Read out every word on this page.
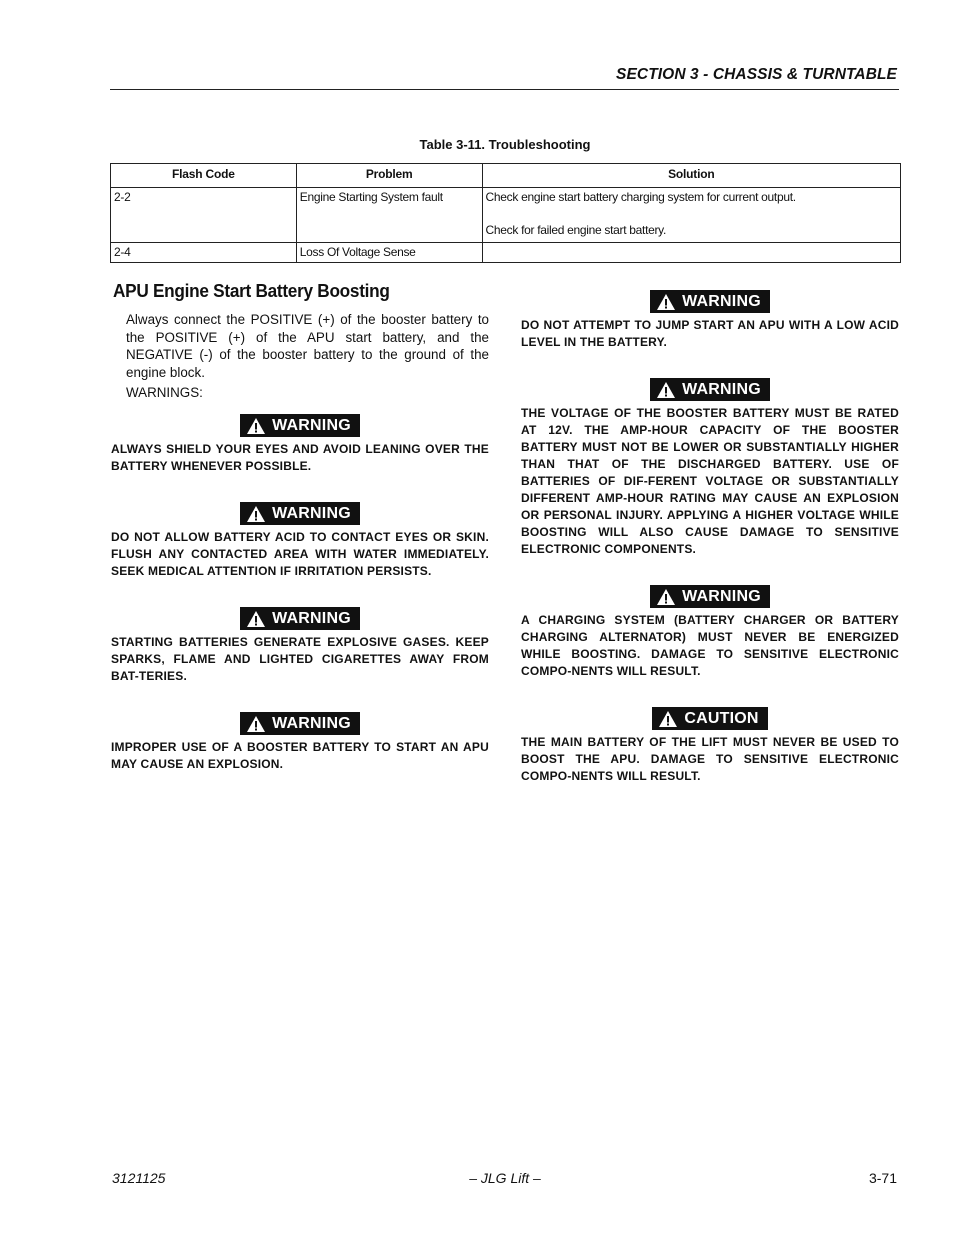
SECTION 3 - CHASSIS & TURNTABLE
Table 3-11. Troubleshooting
Flash Code	Problem	Solution
2-2	Engine Starting System fault	Check engine start battery charging system for current output.
Check for failed engine start battery.

2-4	Loss Of Voltage Sense	
APU Engine Start Battery Boosting
Always connect the POSITIVE (+) of the booster battery to the POSITIVE (+) of the APU start battery, and the NEGATIVE (-) of the booster battery to the ground of the engine block.
WARNINGS:
WARNING
ALWAYS SHIELD YOUR EYES AND AVOID LEANING OVER THE BATTERY WHENEVER POSSIBLE.
WARNING
DO NOT ALLOW BATTERY ACID TO CONTACT EYES OR SKIN. FLUSH ANY CONTACTED AREA WITH WATER IMMEDIATELY. SEEK MEDICAL ATTENTION IF IRRITATION PERSISTS.
WARNING
STARTING BATTERIES GENERATE EXPLOSIVE GASES. KEEP SPARKS, FLAME AND LIGHTED CIGARETTES AWAY FROM BAT-TERIES.
WARNING
IMPROPER USE OF A BOOSTER BATTERY TO START AN APU MAY CAUSE AN EXPLOSION.
WARNING
DO NOT ATTEMPT TO JUMP START AN APU WITH A LOW ACID LEVEL IN THE BATTERY.
WARNING
THE VOLTAGE OF THE BOOSTER BATTERY MUST BE RATED AT 12V. THE AMP-HOUR CAPACITY OF THE BOOSTER BATTERY MUST NOT BE LOWER OR SUBSTANTIALLY HIGHER THAN THAT OF THE DISCHARGED BATTERY. USE OF BATTERIES OF DIF-FERENT VOLTAGE OR SUBSTANTIALLY DIFFERENT AMP-HOUR RATING MAY CAUSE AN EXPLOSION OR PERSONAL INJURY. APPLYING A HIGHER VOLTAGE WHILE BOOSTING WILL ALSO CAUSE DAMAGE TO SENSITIVE ELECTRONIC COMPONENTS.
WARNING
A CHARGING SYSTEM (BATTERY CHARGER OR BATTERY CHARGING ALTERNATOR) MUST NEVER BE ENERGIZED WHILE BOOSTING. DAMAGE TO SENSITIVE ELECTRONIC COMPO-NENTS WILL RESULT.
CAUTION
THE MAIN BATTERY OF THE LIFT MUST NEVER BE USED TO BOOST THE APU. DAMAGE TO SENSITIVE ELECTRONIC COMPO-NENTS WILL RESULT.
3121125	– JLG Lift –	3-71
